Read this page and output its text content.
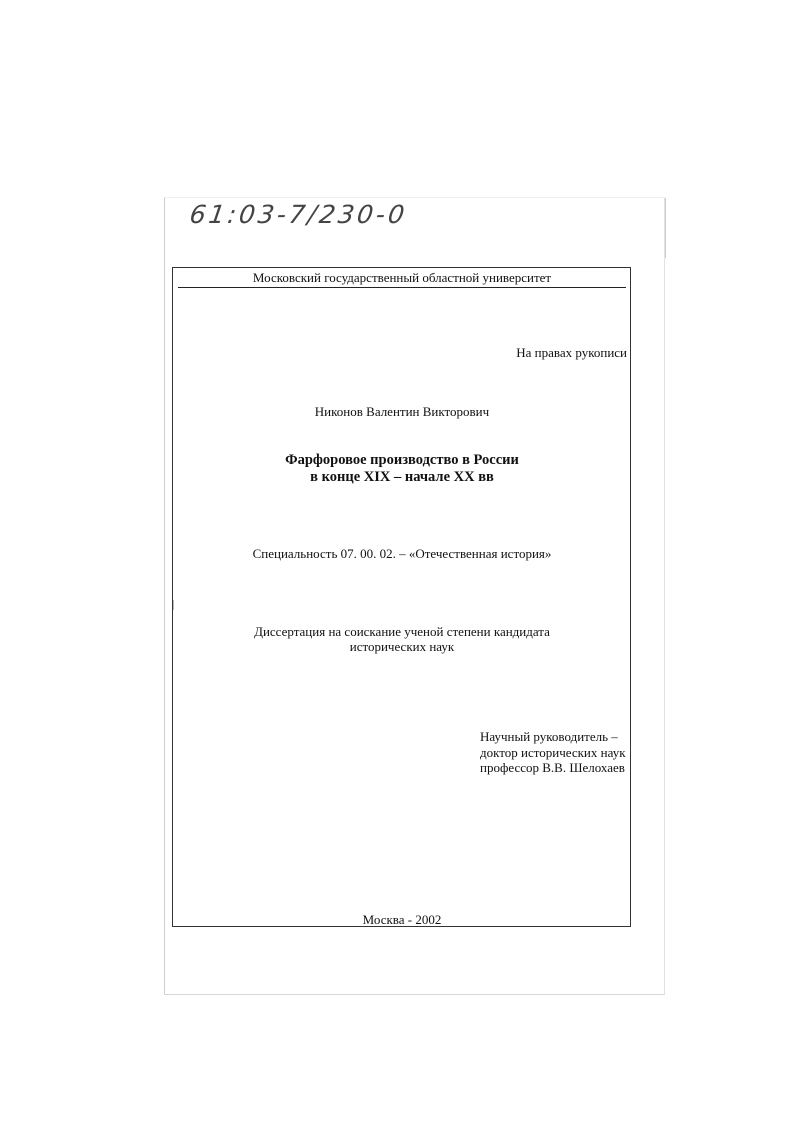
61:03-7/230-0
Московский государственный областной университет
На правах рукописи
Никонов Валентин Викторович
Фарфоровое производство в России
в конце XIX – начале XX вв
Специальность 07. 00. 02. – «Отечественная история»
Диссертация на соискание ученой степени кандидата
исторических наук
Научный руководитель –
доктор исторических наук
профессор В.В. Шелохаев
Москва - 2002
